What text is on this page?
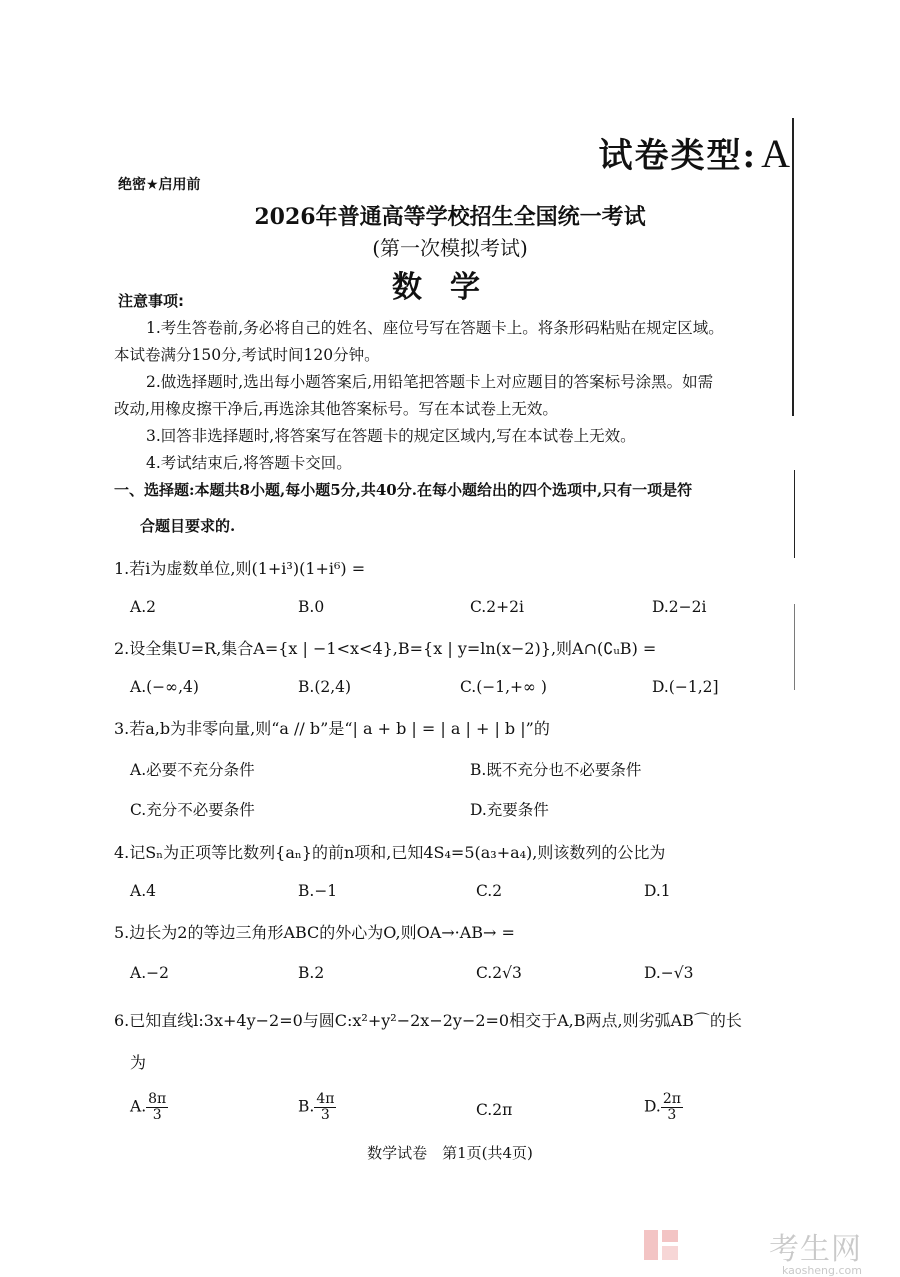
试卷类型: A
绝密★启用前
2026年普通高等学校招生全国统一考试
(第一次模拟考试)
数学
注意事项:
1.考生答卷前,务必将自己的姓名、座位号写在答题卡上。将条形码粘贴在规定区域。
本试卷满分150分,考试时间120分钟。
2.做选择题时,选出每小题答案后,用铅笔把答题卡上对应题目的答案标号涂黑。如需
改动,用橡皮擦干净后,再选涂其他答案标号。写在本试卷上无效。
3.回答非选择题时,将答案写在答题卡的规定区域内,写在本试卷上无效。
4.考试结束后,将答题卡交回。
一、选择题:本题共8小题,每小题5分,共40分.在每小题给出的四个选项中,只有一项是符
合题目要求的.
1.若i为虚数单位,则(1+i³)(1+i⁶) =
A.2	B.0	C.2+2i	D.2−2i
2.设全集U=R,集合A={x | −1<x<4},B={x | y=ln(x−2)},则A∩(∁ᵤB) =
A.(−∞,4)	B.(2,4)	C.(−1,+∞ )	D.(−1,2]
3.若a,b为非零向量,则“a // b”是“| a + b | = | a | + | b |”的
A.必要不充分条件	B.既不充分也不必要条件
C.充分不必要条件	D.充要条件
4.记Sₙ为正项等比数列{aₙ}的前n项和,已知4S₄=5(a₃+a₄),则该数列的公比为
A.4	B.−1	C.2	D.1
5.边长为2的等边三角形ABC的外心为O,则OA→·AB→ =
A.−2	B.2	C.2√3	D.−√3
6.已知直线l:3x+4y−2=0与圆C:x²+y²−2x−2y−2=0相交于A,B两点,则劣弧AB⌒的长
为
A. $\frac{8\pi}{3}$	B. $\frac{4\pi}{3}$	C.2π	D. $\frac{2\pi}{3}$
数学试卷　第1页(共4页)
考生网
kaosheng.com
